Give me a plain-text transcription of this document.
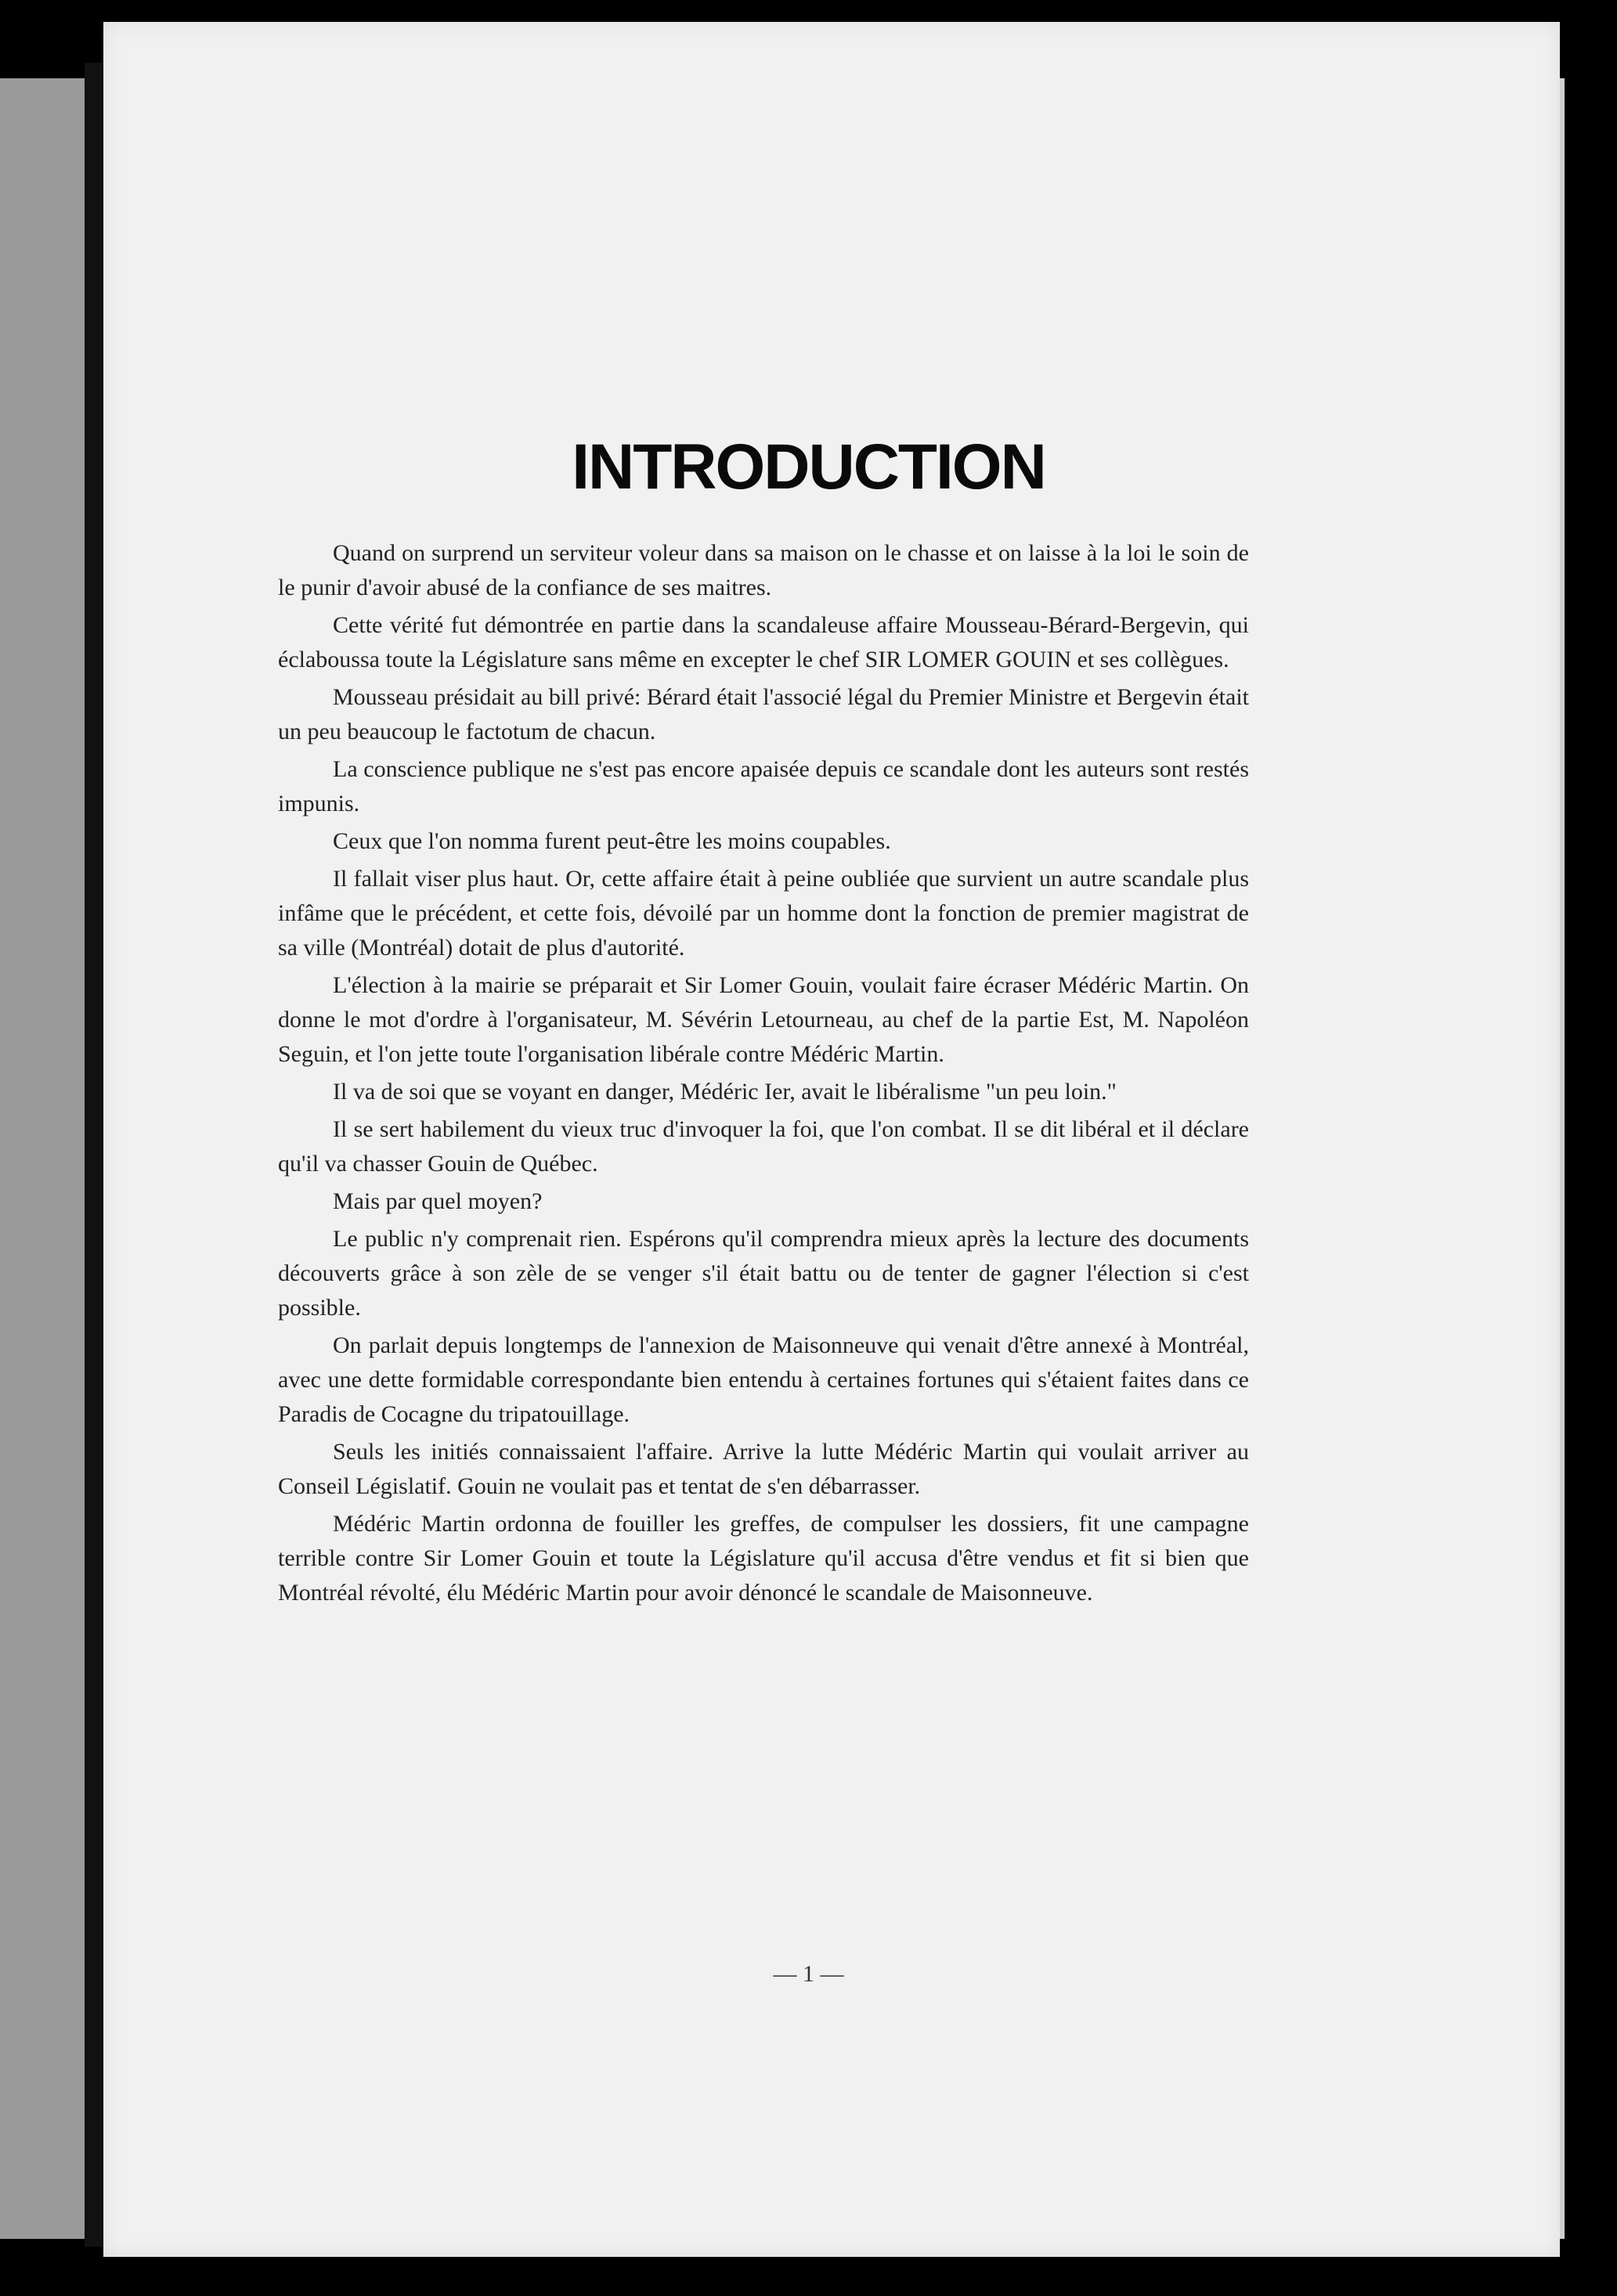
INTRODUCTION

Quand on surprend un serviteur voleur dans sa maison on le chasse et on laisse à la loi le soin de le punir d'avoir abusé de la confiance de ses maitres.

Cette vérité fut démontrée en partie dans la scandaleuse affaire Mousseau-Bérard-Bergevin, qui éclaboussa toute la Législature sans même en excepter le chef SIR LOMER GOUIN et ses collègues.

Mousseau présidait au bill privé: Bérard était l'associé légal du Premier Ministre et Bergevin était un peu beaucoup le factotum de chacun.

La conscience publique ne s'est pas encore apaisée depuis ce scandale dont les auteurs sont restés impunis.

Ceux que l'on nomma furent peut-être les moins coupables.

Il fallait viser plus haut. Or, cette affaire était à peine oubliée que survient un autre scandale plus infâme que le précédent, et cette fois, dévoilé par un homme dont la fonction de premier magistrat de sa ville (Montréal) dotait de plus d'autorité.

L'élection à la mairie se préparait et Sir Lomer Gouin, voulait faire écraser Médéric Martin. On donne le mot d'ordre à l'organisateur, M. Sévérin Letourneau, au chef de la partie Est, M. Napoléon Seguin, et l'on jette toute l'organisation libérale contre Médéric Martin.

Il va de soi que se voyant en danger, Médéric Ier, avait le libéralisme "un peu loin."

Il se sert habilement du vieux truc d'invoquer la foi, que l'on combat. Il se dit libéral et il déclare qu'il va chasser Gouin de Québec.

Mais par quel moyen?

Le public n'y comprenait rien. Espérons qu'il comprendra mieux après la lecture des documents découverts grâce à son zèle de se venger s'il était battu ou de tenter de gagner l'élection si c'est possible.

On parlait depuis longtemps de l'annexion de Maisonneuve qui venait d'être annexé à Montréal, avec une dette formidable correspondante bien entendu à certaines fortunes qui s'étaient faites dans ce Paradis de Cocagne du tripatouillage.

Seuls les initiés connaissaient l'affaire. Arrive la lutte Médéric Martin qui voulait arriver au Conseil Législatif. Gouin ne voulait pas et tentat de s'en débarrasser.

Médéric Martin ordonna de fouiller les greffes, de compulser les dossiers, fit une campagne terrible contre Sir Lomer Gouin et toute la Législature qu'il accusa d'être vendus et fit si bien que Montréal révolté, élu Médéric Martin pour avoir dénoncé le scandale de Maisonneuve.

— 1 —
